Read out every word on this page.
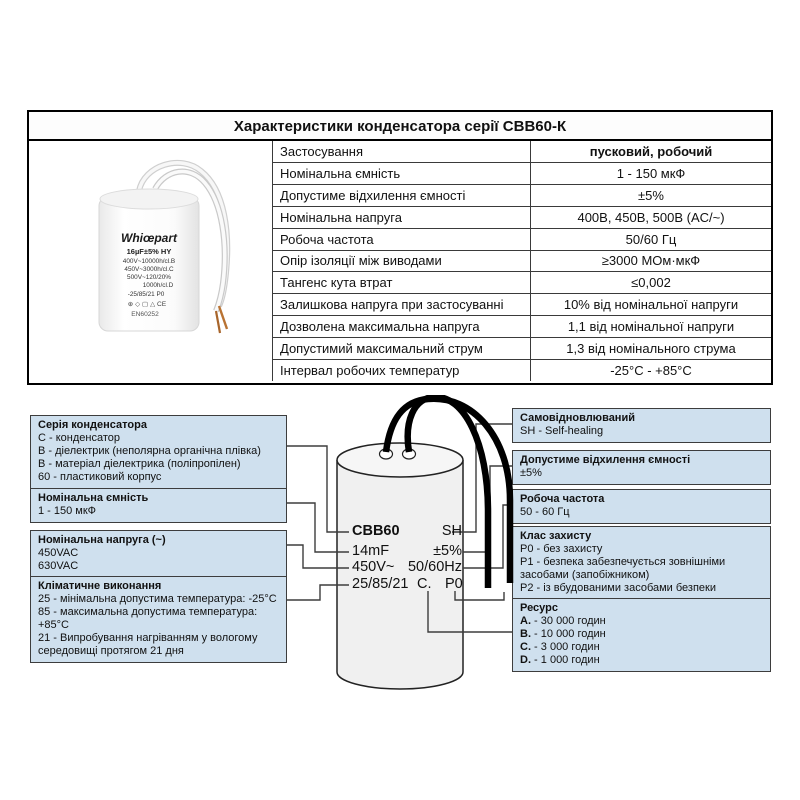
Характеристики конденсатора серії CBB60-К
Whiœpart
16µF±5% HY
400V~10000h/cl.B
450V~3000h/cl.C
500V~120/20%
1000h/cl.D
-25/85/21 P0
⊕ ◇ ▢ △ CE
EN60252
Застосування	пусковий, робочий
Номінальна ємність	1 - 150 мкФ
Допустиме відхилення ємності	±5%
Номінальна напруга	400В, 450В, 500В (AC/~)
Робоча частота	50/60 Гц
Опір ізоляції між виводами	≥3000 МОм·мкФ
Тангенс кута втрат	≤0,002
Залишкова напруга при застосуванні	10% від номінальної напруги
Дозволена максимальна напруга	1,1 від номінальної напруги
Допустимий максимальний струм	1,3 від номінального струма
Інтервал робочих температур	-25°C - +85°C
Серія конденсатора
C - конденсатор
B - діелектрик (неполярна органічна плівка)
B - матеріал діелектрика (поліпропілен)
60 - пластиковий корпус
Номінальна ємність
1 - 150 мкФ
Номінальна напруга (~)
450VAC
630VAC
Кліматичне виконання
25 - мінімальна допустима температура: -25°C
85 - максимальна допустима температура: +85°C
21 - Випробування нагріванням у вологому середовищі протягом 21 дня
Самовідновлюваний
SH - Self-healing
Допустиме відхилення ємності
±5%
Робоча частота
50 - 60 Гц
Клас захисту
P0 - без захисту
P1 - безпека забезпечується зовнішніми засобами (запобіжником)
P2 - із вбудованими засобами безпеки
Ресурс
A. - 30 000 годин
B. - 10 000 годин
C. - 3 000 годин
D. - 1 000 годин
CBB60	SH
14mF	±5%
450V~ 50/60Hz
25/85/21 C. P0
